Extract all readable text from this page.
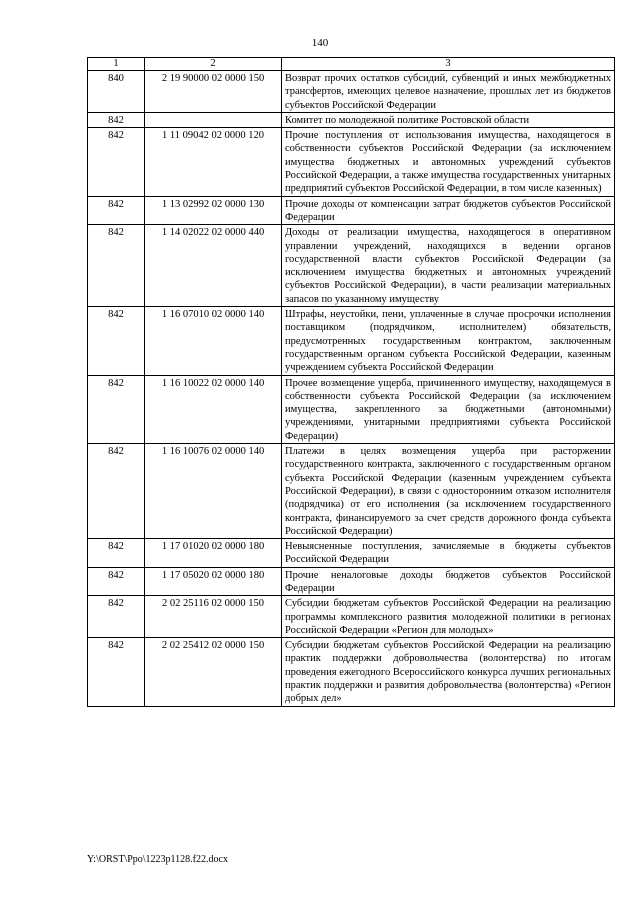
140
1	2	3
840	2 19 90000 02 0000 150	Возврат прочих остатков субсидий, субвенций и иных межбюджетных трансфертов, имеющих целевое назначение, прошлых лет из бюджетов субъектов Российской Федерации
842		Комитет по молодежной политике Ростовской области
842	1 11 09042 02 0000 120	Прочие поступления от использования имущества, находящегося в собственности субъектов Российской Федерации (за исключением имущества бюджетных и автономных учреждений субъектов Российской Федерации, а также имущества государственных унитарных предприятий субъектов Российской Федерации, в том числе казенных)
842	1 13 02992 02 0000 130	Прочие доходы от компенсации затрат бюджетов субъектов Российской Федерации
842	1 14 02022 02 0000 440	Доходы от реализации имущества, находящегося в оперативном управлении учреждений, находящихся в ведении органов государственной власти субъектов Российской Федерации (за исключением имущества бюджетных и автономных учреждений субъектов Российской Федерации), в части реализации материальных запасов по указанному имуществу
842	1 16 07010 02 0000 140	Штрафы, неустойки, пени, уплаченные в случае просрочки исполнения поставщиком (подрядчиком, исполнителем) обязательств, предусмотренных государственным контрактом, заключенным государственным органом субъекта Российской Федерации, казенным учреждением субъекта Российской Федерации
842	1 16 10022 02 0000 140	Прочее возмещение ущерба, причиненного имуществу, находящемуся в собственности субъекта Российской Федерации (за исключением имущества, закрепленного за бюджетными (автономными) учреждениями, унитарными предприятиями субъекта Российской Федерации)
842	1 16 10076 02 0000 140	Платежи в целях возмещения ущерба при расторжении государственного контракта, заключенного с государственным органом субъекта Российской Федерации (казенным учреждением субъекта Российской Федерации), в связи с односторонним отказом исполнителя (подрядчика) от его исполнения (за исключением государственного контракта, финансируемого за счет средств дорожного фонда субъекта Российской Федерации)
842	1 17 01020 02 0000 180	Невыясненные поступления, зачисляемые в бюджеты субъектов Российской Федерации
842	1 17 05020 02 0000 180	Прочие неналоговые доходы бюджетов субъектов Российской Федерации
842	2 02 25116 02 0000 150	Субсидии бюджетам субъектов Российской Федерации на реализацию программы комплексного развития молодежной политики в регионах Российской Федерации «Регион для молодых»
842	2 02 25412 02 0000 150	Субсидии бюджетам субъектов Российской Федерации на реализацию практик поддержки добровольчества (волонтерства) по итогам проведения ежегодного Всероссийского конкурса лучших региональных практик поддержки и развития добровольчества (волонтерства) «Регион добрых дел»
Y:\ORST\Ppo\1223p1128.f22.docx
